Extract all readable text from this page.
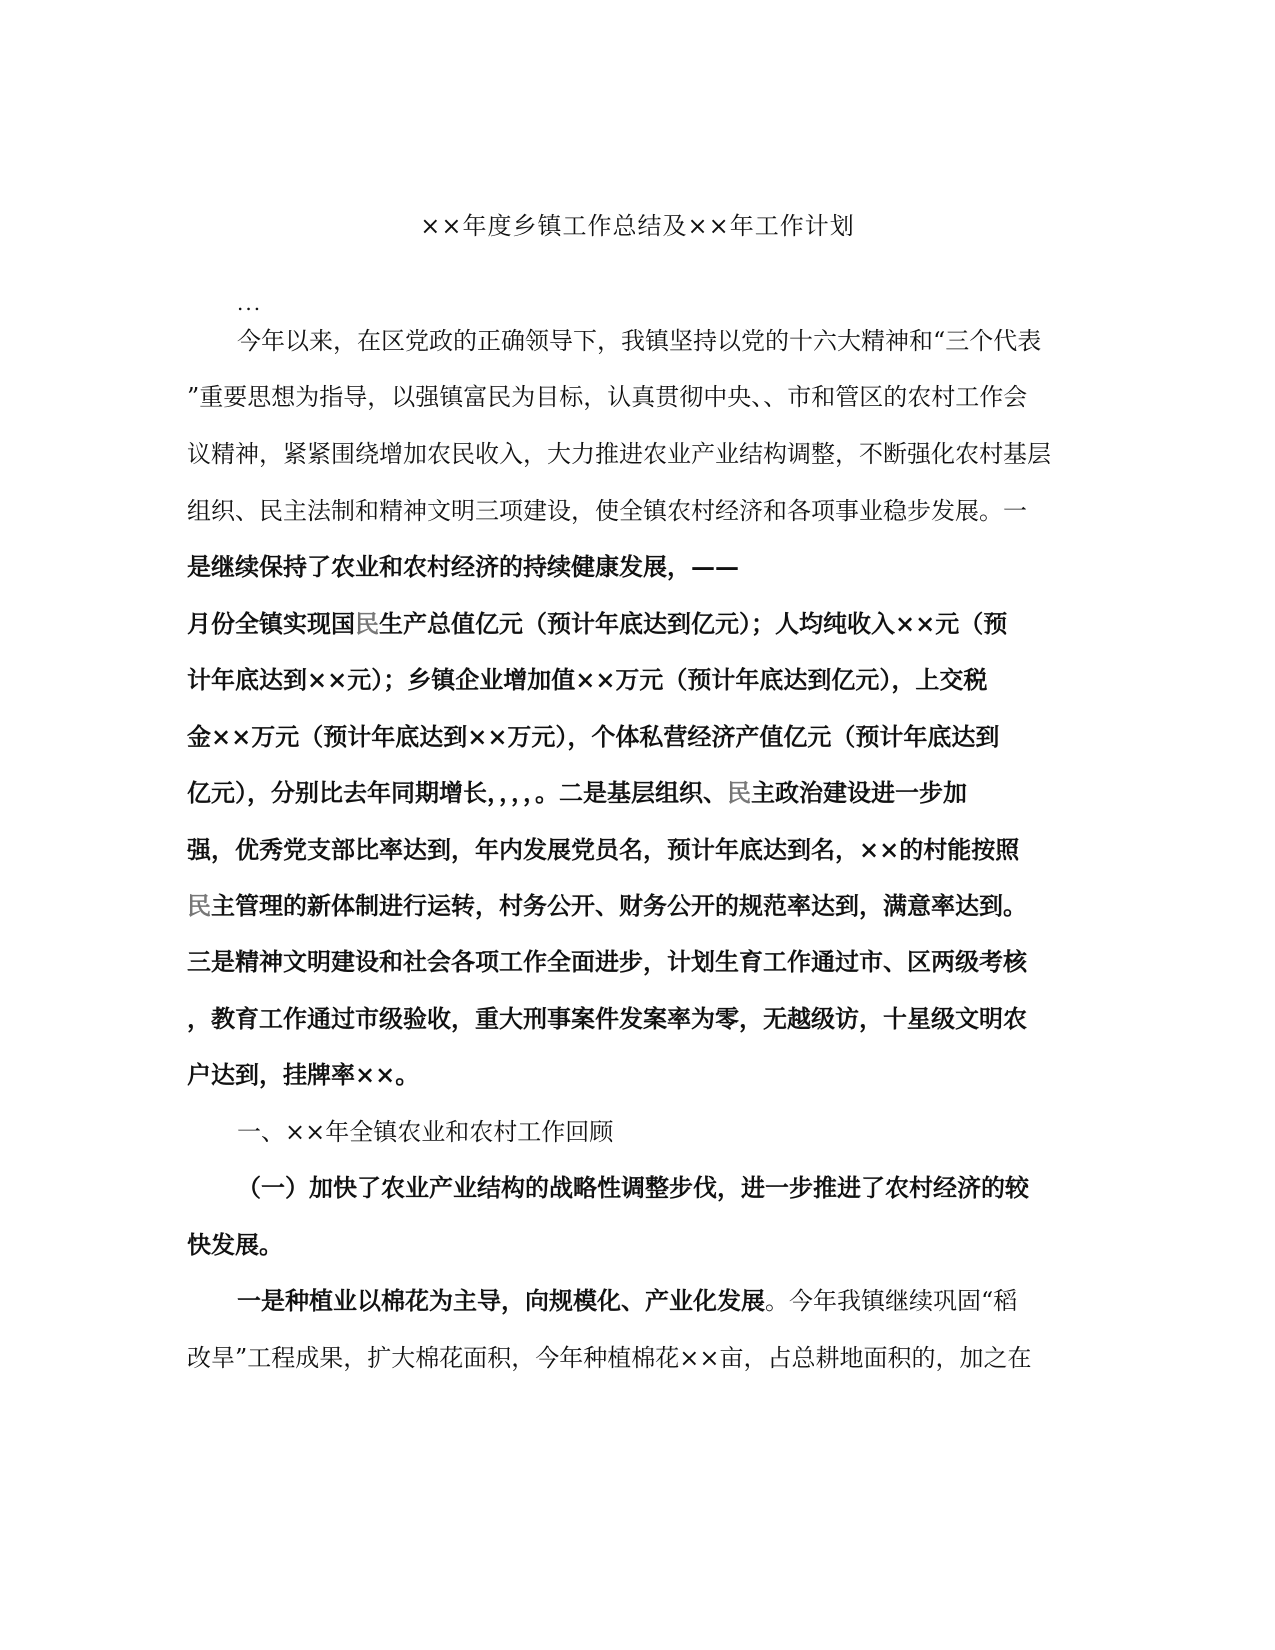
××年度乡镇工作总结及××年工作计划
...
今年以来，在区党政的正确领导下，我镇坚持以党的十六大精神和“三个代表
”重要思想为指导，以强镇富民为目标，认真贯彻中央、、市和管区的农村工作会
议精神，紧紧围绕增加农民收入，大力推进农业产业结构调整，不断强化农村基层
组织、民主法制和精神文明三项建设，使全镇农村经济和各项事业稳步发展。一
是继续保持了农业和农村经济的持续健康发展，——
月份全镇实现国民生产总值亿元（预计年底达到亿元）；人均纯收入××元（预
计年底达到××元）；乡镇企业增加值××万元（预计年底达到亿元），上交税
金××万元（预计年底达到××万元），个体私营经济产值亿元（预计年底达到
亿元），分别比去年同期增长，，，，。二是基层组织、民主政治建设进一步加
强，优秀党支部比率达到，年内发展党员名，预计年底达到名，××的村能按照
民主管理的新体制进行运转，村务公开、财务公开的规范率达到，满意率达到。
三是精神文明建设和社会各项工作全面进步，计划生育工作通过市、区两级考核
，教育工作通过市级验收，重大刑事案件发案率为零，无越级访，十星级文明农
户达到，挂牌率××。
一、××年全镇农业和农村工作回顾
（一）加快了农业产业结构的战略性调整步伐，进一步推进了农村经济的较
快发展。
一是种植业以棉花为主导，向规模化、产业化发展。今年我镇继续巩固“稻
改旱”工程成果，扩大棉花面积，今年种植棉花××亩，占总耕地面积的，加之在
